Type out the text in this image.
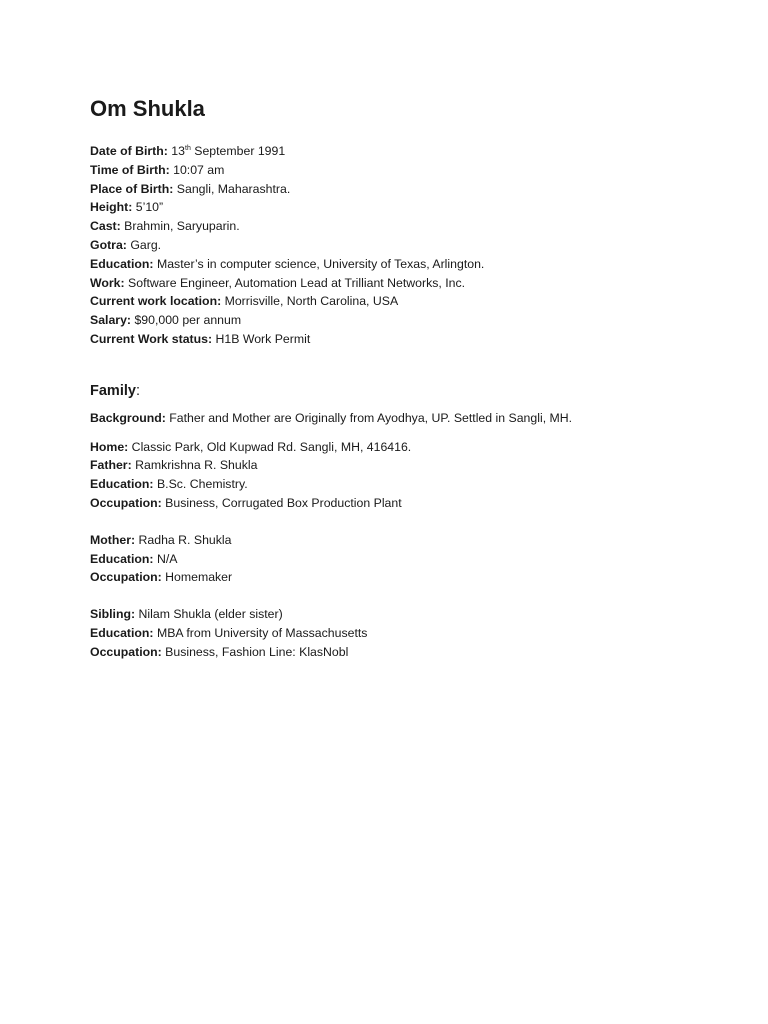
Om Shukla
Date of Birth: 13th September 1991
Time of Birth: 10:07 am
Place of Birth: Sangli, Maharashtra.
Height: 5’10”
Cast: Brahmin, Saryuparin.
Gotra: Garg.
Education: Master’s in computer science, University of Texas, Arlington.
Work: Software Engineer, Automation Lead at Trilliant Networks, Inc.
Current work location: Morrisville, North Carolina, USA
Salary: $90,000 per annum
Current Work status: H1B Work Permit
Family:
Background: Father and Mother are Originally from Ayodhya, UP. Settled in Sangli, MH.
Home: Classic Park, Old Kupwad Rd. Sangli, MH, 416416.
Father: Ramkrishna R. Shukla
Education: B.Sc. Chemistry.
Occupation: Business, Corrugated Box Production Plant
Mother: Radha R. Shukla
Education: N/A
Occupation: Homemaker
Sibling: Nilam Shukla (elder sister)
Education: MBA from University of Massachusetts
Occupation: Business, Fashion Line: KlasNobl
